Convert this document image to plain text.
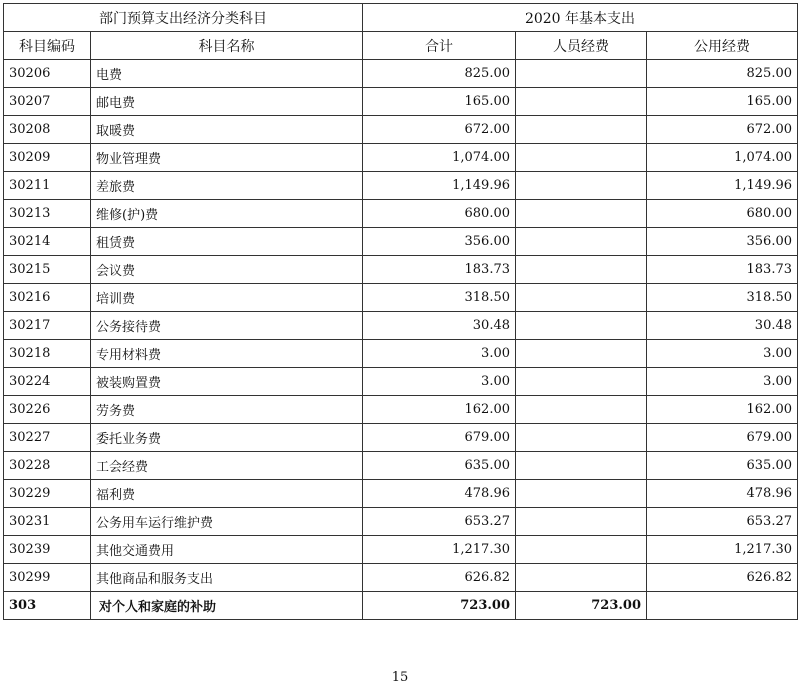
部门预算支出经济分类科目		2020 年基本支出		
科目编码	科目名称	合计	人员经费	公用经费
30206	电费	825.00		825.00
30207	邮电费	165.00		165.00
30208	取暖费	672.00		672.00
30209	物业管理费	1,074.00		1,074.00
30211	差旅费	1,149.96		1,149.96
30213	维修(护)费	680.00		680.00
30214	租赁费	356.00		356.00
30215	会议费	183.73		183.73
30216	培训费	318.50		318.50
30217	公务接待费	30.48		30.48
30218	专用材料费	3.00		3.00
30224	被装购置费	3.00		3.00
30226	劳务费	162.00		162.00
30227	委托业务费	679.00		679.00
30228	工会经费	635.00		635.00
30229	福利费	478.96		478.96
30231	公务用车运行维护费	653.27		653.27
30239	其他交通费用	1,217.30		1,217.30
30299	其他商品和服务支出	626.82		626.82
303	对个人和家庭的补助	723.00	723.00	
15
